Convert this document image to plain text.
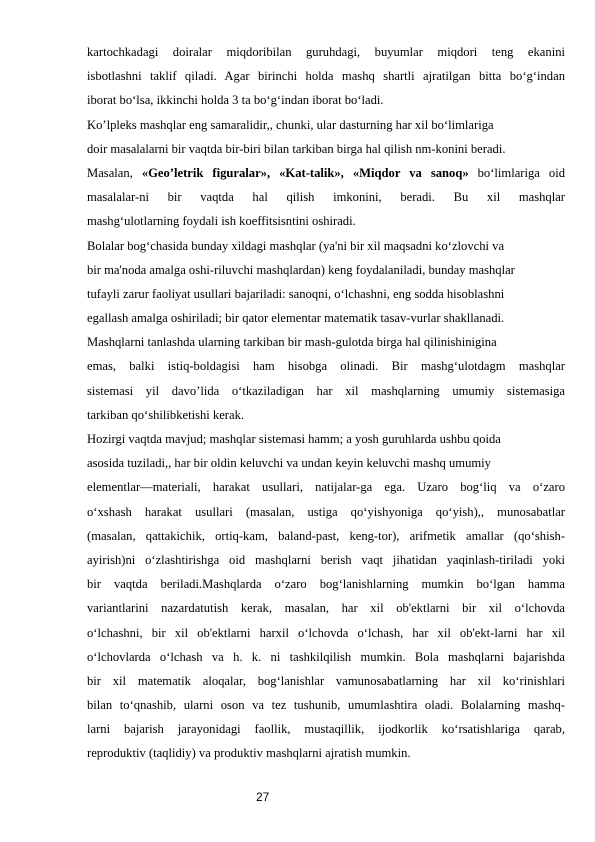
kartochkadagi doiralar miqdoribilan guruhdagi, buyumlar miqdori teng ekanini
isbotlashni taklif qiladi. Agar birinchi holda mashq shartli ajratilgan bitta bo‘g‘indan
iborat bo‘lsa, ikkinchi holda 3 ta bo‘g‘indan iborat bo‘ladi.
Ko’lpleks mashqlar eng samaralidir,, chunki, ular dasturning har xil bo‘limlariga
doir masalalarni bir vaqtda bir-biri bilan tarkiban birga hal qilish nm-konini beradi.
Masalan, «Geo’letrik figuralar», «Kat-talik», «Miqdor va sanoq» bo‘limlariga oid
masalalar-ni bir vaqtda hal qilish imkonini, beradi. Bu xil mashqlar
mashg‘ulotlarning foydali ish koeffitsisntini oshiradi.
Bolalar bog‘chasida bunday xildagi mashqlar (ya'ni bir xil maqsadni ko‘zlovchi va
bir ma'noda amalga oshi-riluvchi mashqlardan) keng foydalaniladi, bunday mashqlar
tufayli zarur faoliyat usullari bajariladi: sanoqni, o‘lchashni, eng sodda hisoblashni
egallash amalga oshiriladi; bir qator elementar matematik tasav-vurlar shakllanadi.
Mashqlarni tanlashda ularning tarkiban bir mash-gulotda birga hal qilinishinigina
emas, balki istiq-boldagisi ham hisobga olinadi. Bir mashg‘ulotdagm mashqlar
sistemasi yil davo’lida o‘tkaziladigan har xil mashqlarning umumiy sistemasiga
tarkiban qo‘shilibketishi kerak.
Hozirgi vaqtda mavjud; mashqlar sistemasi hamm; a yosh guruhlarda ushbu qoida
asosida tuziladi,, har bir oldin keluvchi va undan keyin keluvchi mashq umumiy
elementlar—materiali, harakat usullari, natijalar-ga ega. Uzaro bog‘liq va o‘zaro
o‘xshash harakat usullari (masalan, ustiga qo‘yishyoniga qo‘yish),, munosabatlar
(masalan, qattakichik, ortiq-kam, baland-past, keng-tor), arifmetik amallar (qo‘shish-
ayirish)ni o‘zlashtirishga oid mashqlarni berish vaqt jihatidan yaqinlash-tiriladi yoki
bir vaqtda beriladi.Mashqlarda o‘zaro bog‘lanishlarning mumkin bo‘lgan hamma
variantlarini nazardatutish kerak, masalan, har xil ob'ektlarni bir xil o‘lchovda
o‘lchashni, bir xil ob'ektlarni harxil o‘lchovda o‘lchash, har xil ob'ekt-larni har xil
o‘lchovlarda o‘lchash va h. k. ni tashkilqilish mumkin. Bola mashqlarni bajarishda
bir xil matematik aloqalar, bog‘lanishlar vamunosabatlarning har xil ko‘rinishlari
bilan to‘qnashib, ularni oson va tez tushunib, umumlashtira oladi. Bolalarning mashq-
larni bajarish jarayonidagi faollik, mustaqillik, ijodkorlik ko‘rsatishlariga qarab,
reproduktiv (taqlidiy) va produktiv mashqlarni ajratish mumkin.
27
